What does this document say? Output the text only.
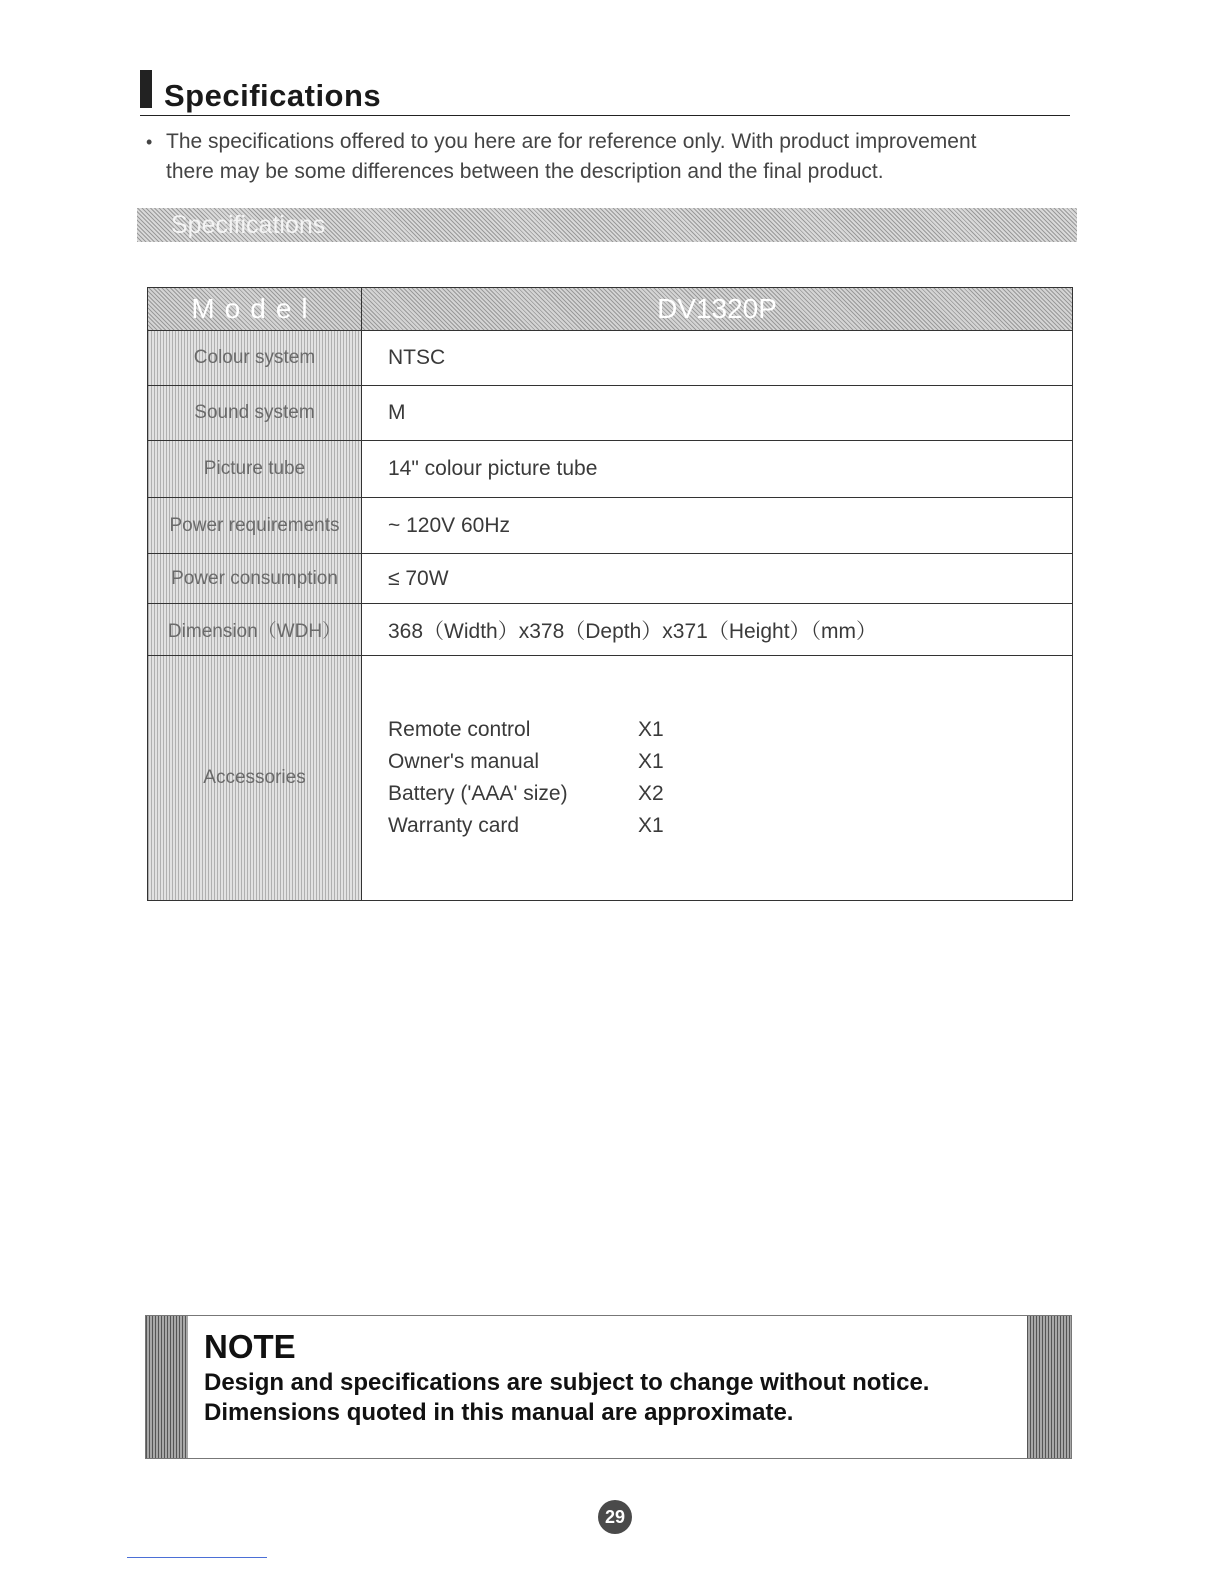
Specifications
• The specifications offered to you here are for reference only. With product improvement

there may be some differences between the description and the final product.

Specifications
Model	DV1320P
Colour system	NTSC
Sound system	M
Picture tube	14" colour picture tube
Power requirements	~ 120V 60Hz
Power consumption	≤ 70W
Dimension（WDH）	368（Width）x378（Depth）x371（Height）（mm）
Accessories
Remote control	X1
Owner's manual	X1
Battery ('AAA' size)	X2
Warranty card	X1
NOTE
Design and specifications are subject to change without notice.
Dimensions quoted in this manual are approximate.
29
